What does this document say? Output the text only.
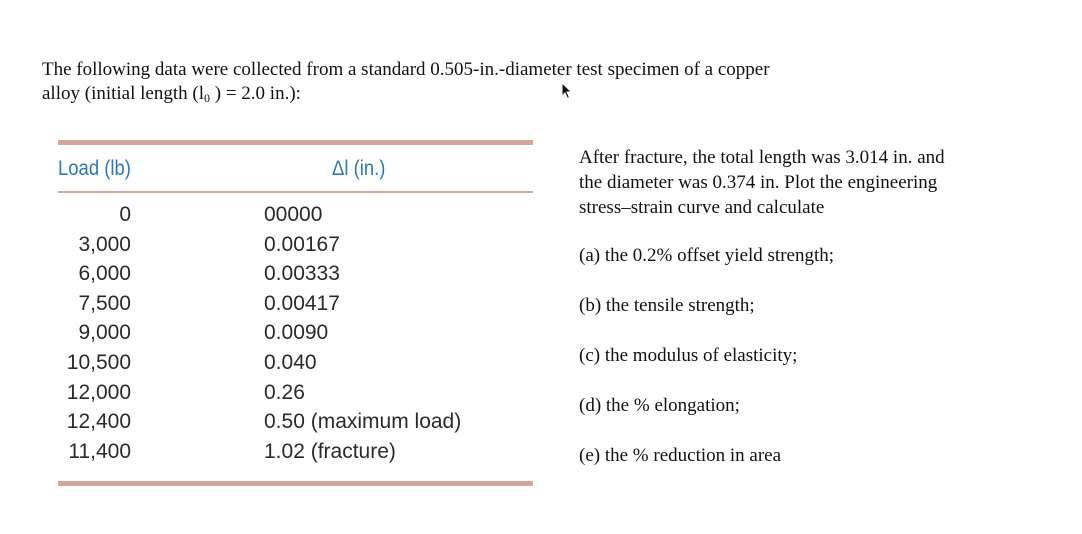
The following data were collected from a standard 0.505-in.-diameter test specimen of a copper
alloy (initial length ($l_0$ ) = 2.0 in.):

Load (lb)	Δl (in.)
0	00000
3,000	0.00167
6,000	0.00333
7,500	0.00417
9,000	0.0090
10,500	0.040
12,000	0.26
12,400	0.50 (maximum load)
11,400	1.02 (fracture)

After fracture, the total length was 3.014 in. and
the diameter was 0.374 in. Plot the engineering
stress–strain curve and calculate

(a) the 0.2% offset yield strength;
(b) the tensile strength;
(c) the modulus of elasticity;
(d) the % elongation;
(e) the % reduction in area
